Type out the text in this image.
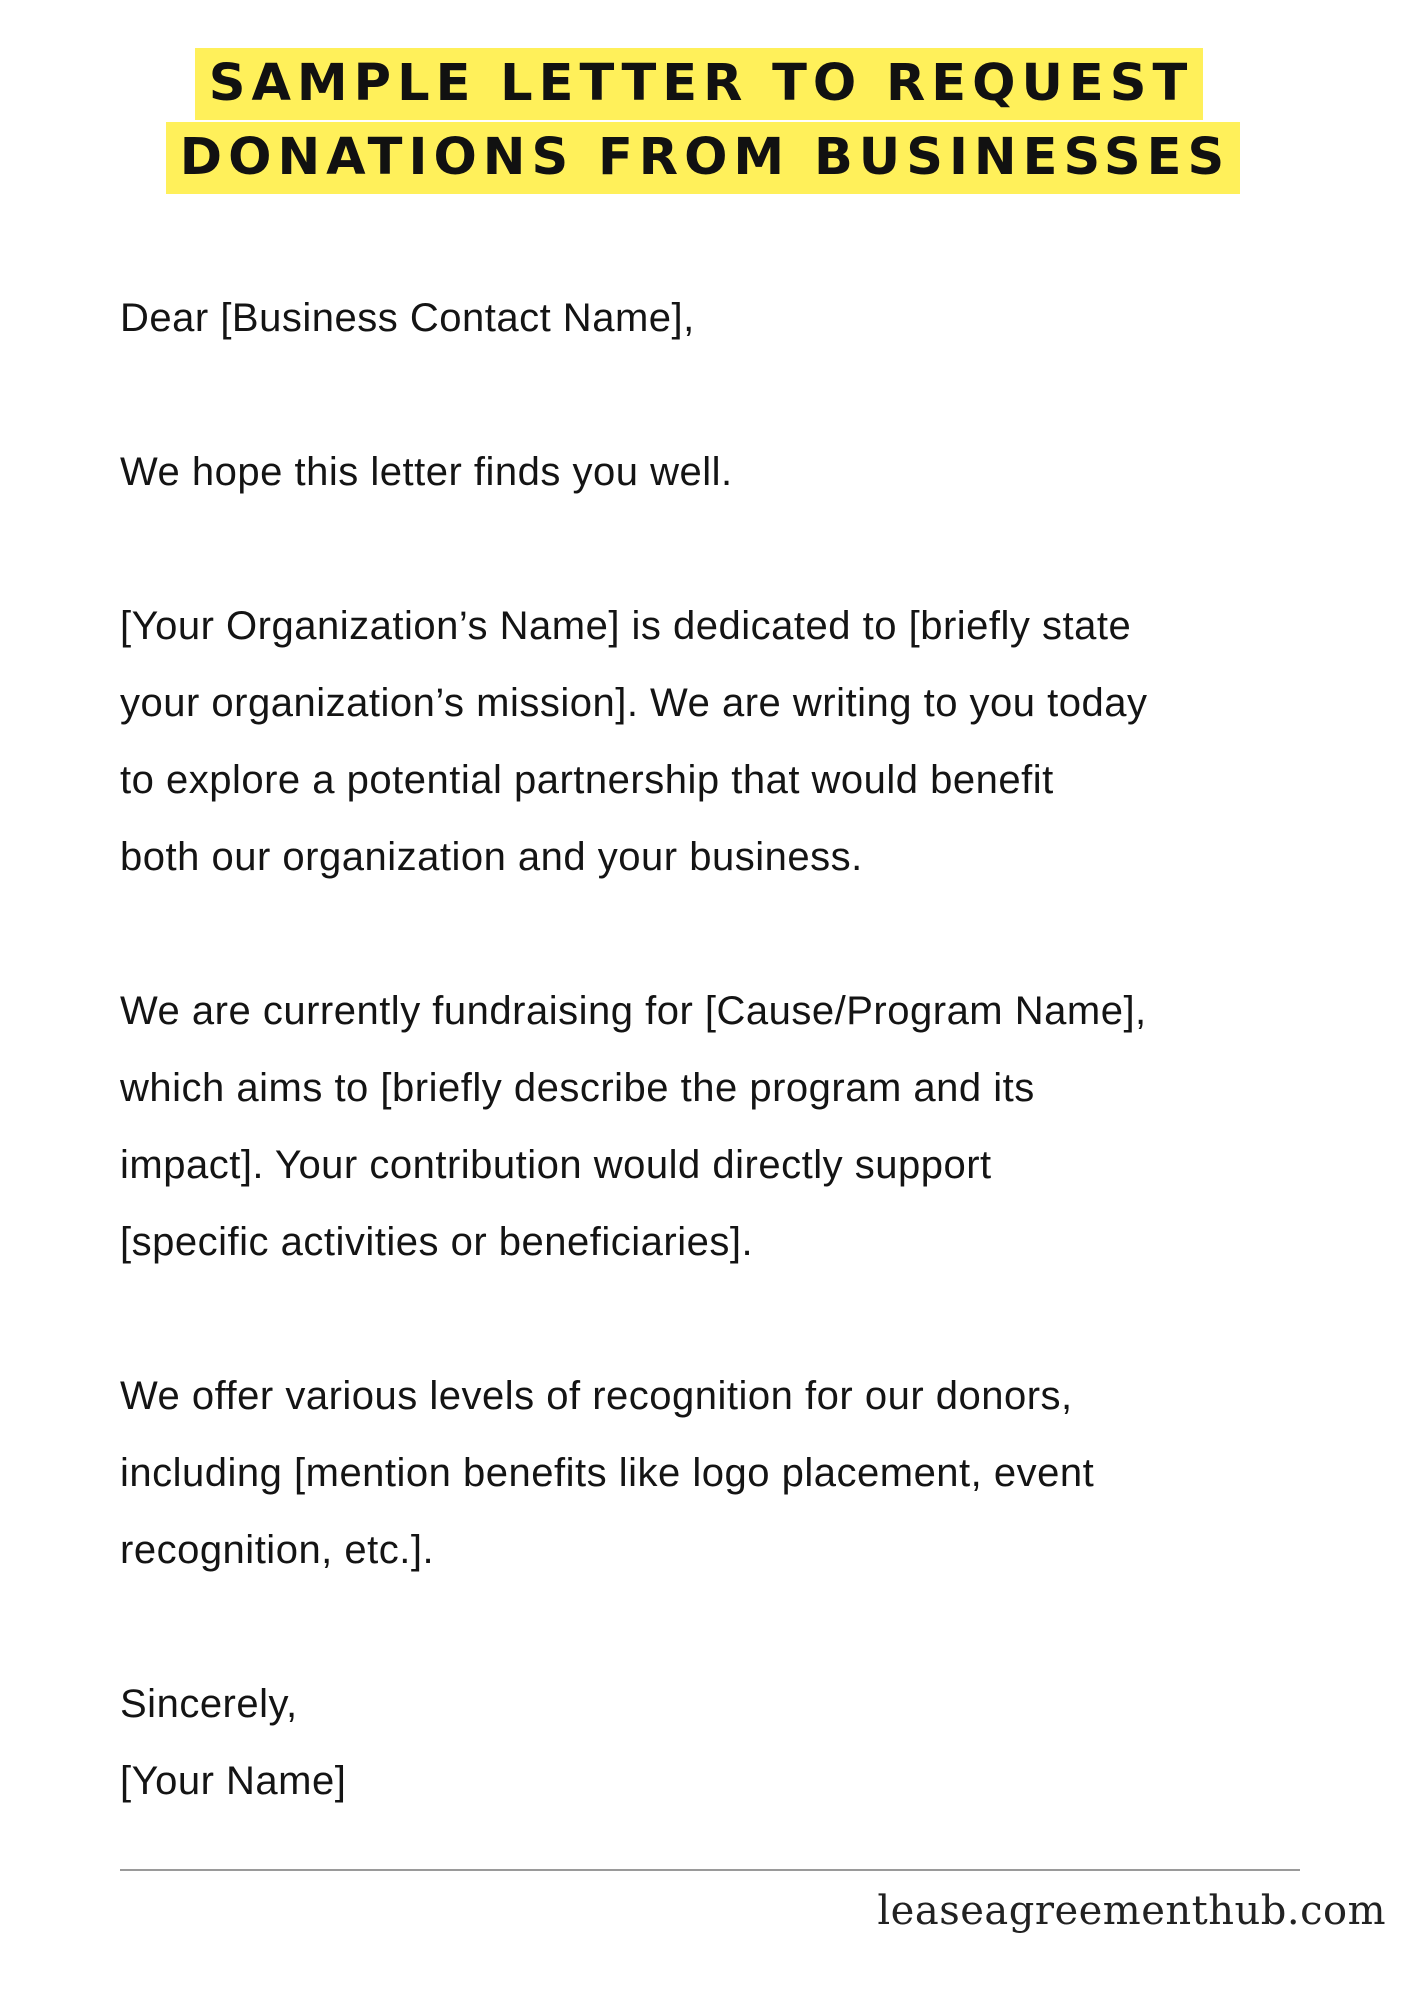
SAMPLE LETTER TO REQUEST
DONATIONS FROM BUSINESSES

Dear [Business Contact Name],

We hope this letter finds you well.

[Your Organization’s Name] is dedicated to [briefly state
your organization’s mission]. We are writing to you today
to explore a potential partnership that would benefit
both our organization and your business.

We are currently fundraising for [Cause/Program Name],
which aims to [briefly describe the program and its
impact]. Your contribution would directly support
[specific activities or beneficiaries].

We offer various levels of recognition for our donors,
including [mention benefits like logo placement, event
recognition, etc.].

Sincerely,
[Your Name]

leaseagreementhub.com
